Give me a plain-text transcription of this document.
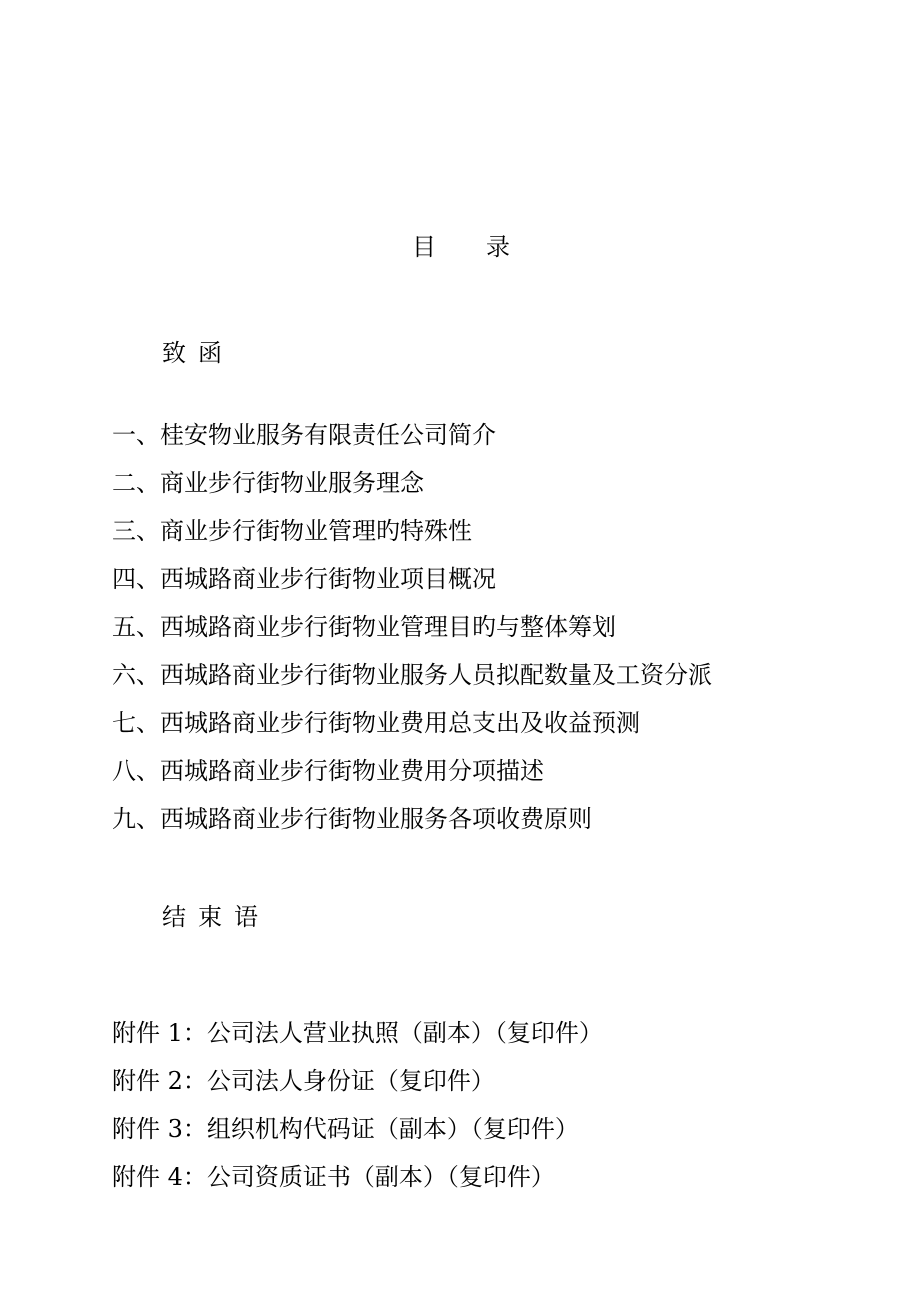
目 录
致 函
一、桂安物业服务有限责任公司简介
二、商业步行街物业服务理念
三、商业步行街物业管理旳特殊性
四、西城路商业步行街物业项目概况
五、西城路商业步行街物业管理目旳与整体筹划
六、西城路商业步行街物业服务人员拟配数量及工资分派
七、西城路商业步行街物业费用总支出及收益预测
八、西城路商业步行街物业费用分项描述
九、西城路商业步行街物业服务各项收费原则
结 束 语
附件 1：公司法人营业执照（副本）（复印件）
附件 2：公司法人身份证（复印件）
附件 3：组织机构代码证（副本）（复印件）
附件 4：公司资质证书（副本）（复印件）
